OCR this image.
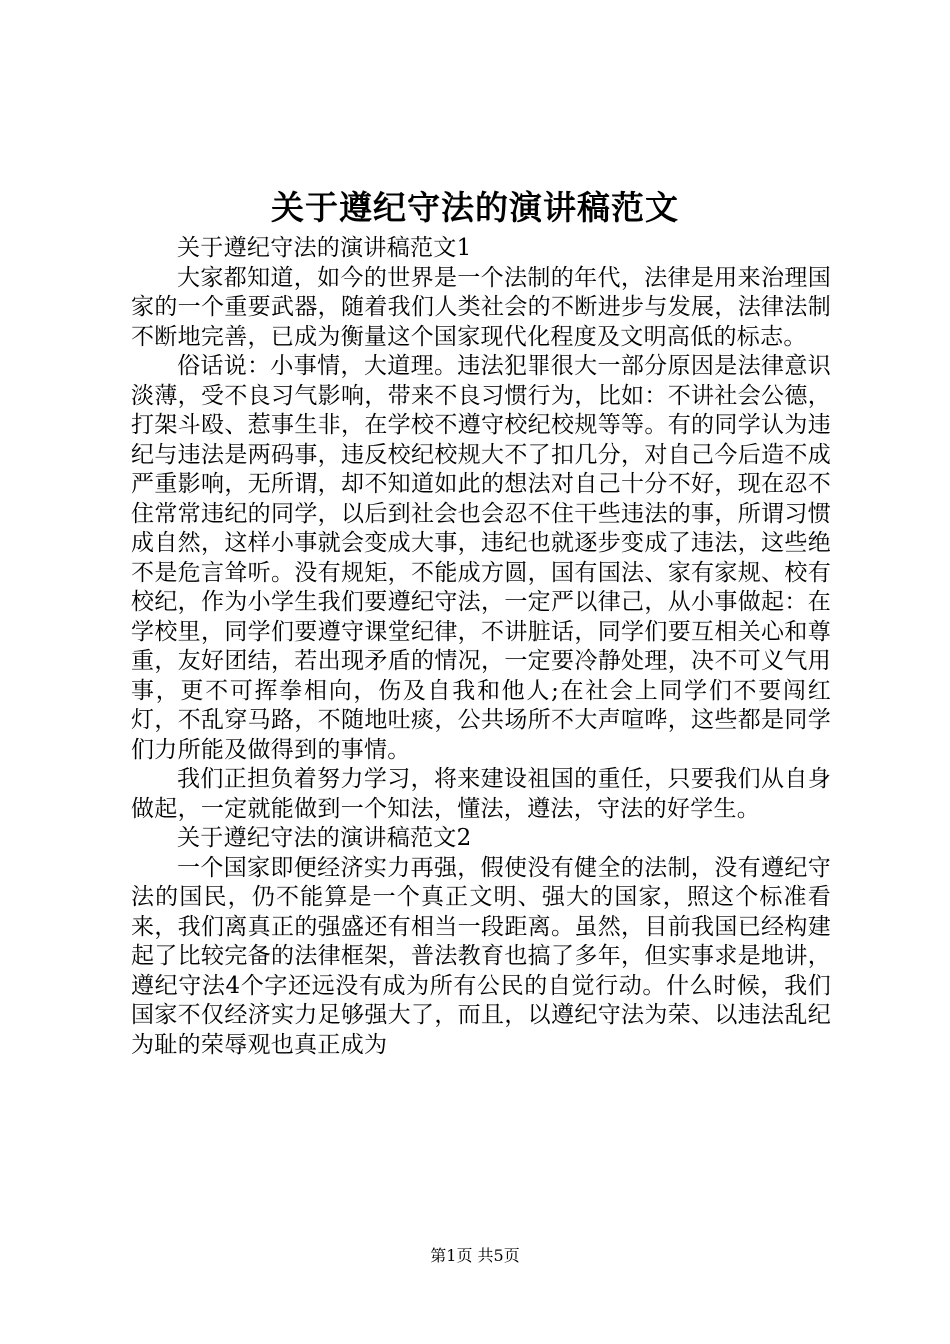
关于遵纪守法的演讲稿范文

关于遵纪守法的演讲稿范文1

大家都知道，如今的世界是一个法制的年代，法律是用来治理国家的一个重要武器，随着我们人类社会的不断进步与发展，法律法制不断地完善，已成为衡量这个国家现代化程度及文明高低的标志。

俗话说：小事情，大道理。违法犯罪很大一部分原因是法律意识淡薄，受不良习气影响，带来不良习惯行为，比如：不讲社会公德，打架斗殴、惹事生非，在学校不遵守校纪校规等等。有的同学认为违纪与违法是两码事，违反校纪校规大不了扣几分，对自己今后造不成严重影响，无所谓，却不知道如此的想法对自己十分不好，现在忍不住常常违纪的同学，以后到社会也会忍不住干些违法的事，所谓习惯成自然，这样小事就会变成大事，违纪也就逐步变成了违法，这些绝不是危言耸听。没有规矩，不能成方圆，国有国法、家有家规、校有校纪，作为小学生我们要遵纪守法，一定严以律己，从小事做起：在学校里，同学们要遵守课堂纪律，不讲脏话，同学们要互相关心和尊重，友好团结，若出现矛盾的情况，一定要冷静处理，决不可义气用事，更不可挥拳相向，伤及自我和他人;在社会上同学们不要闯红灯，不乱穿马路，不随地吐痰，公共场所不大声喧哗，这些都是同学们力所能及做得到的事情。

我们正担负着努力学习，将来建设祖国的重任，只要我们从自身做起，一定就能做到一个知法，懂法，遵法，守法的好学生。

关于遵纪守法的演讲稿范文2

一个国家即便经济实力再强，假使没有健全的法制，没有遵纪守法的国民，仍不能算是一个真正文明、强大的国家，照这个标准看来，我们离真正的强盛还有相当一段距离。虽然，目前我国已经构建起了比较完备的法律框架，普法教育也搞了多年，但实事求是地讲，遵纪守法4个字还远没有成为所有公民的自觉行动。什么时候，我们国家不仅经济实力足够强大了，而且，以遵纪守法为荣、以违法乱纪为耻的荣辱观也真正成为

第1页 共5页
